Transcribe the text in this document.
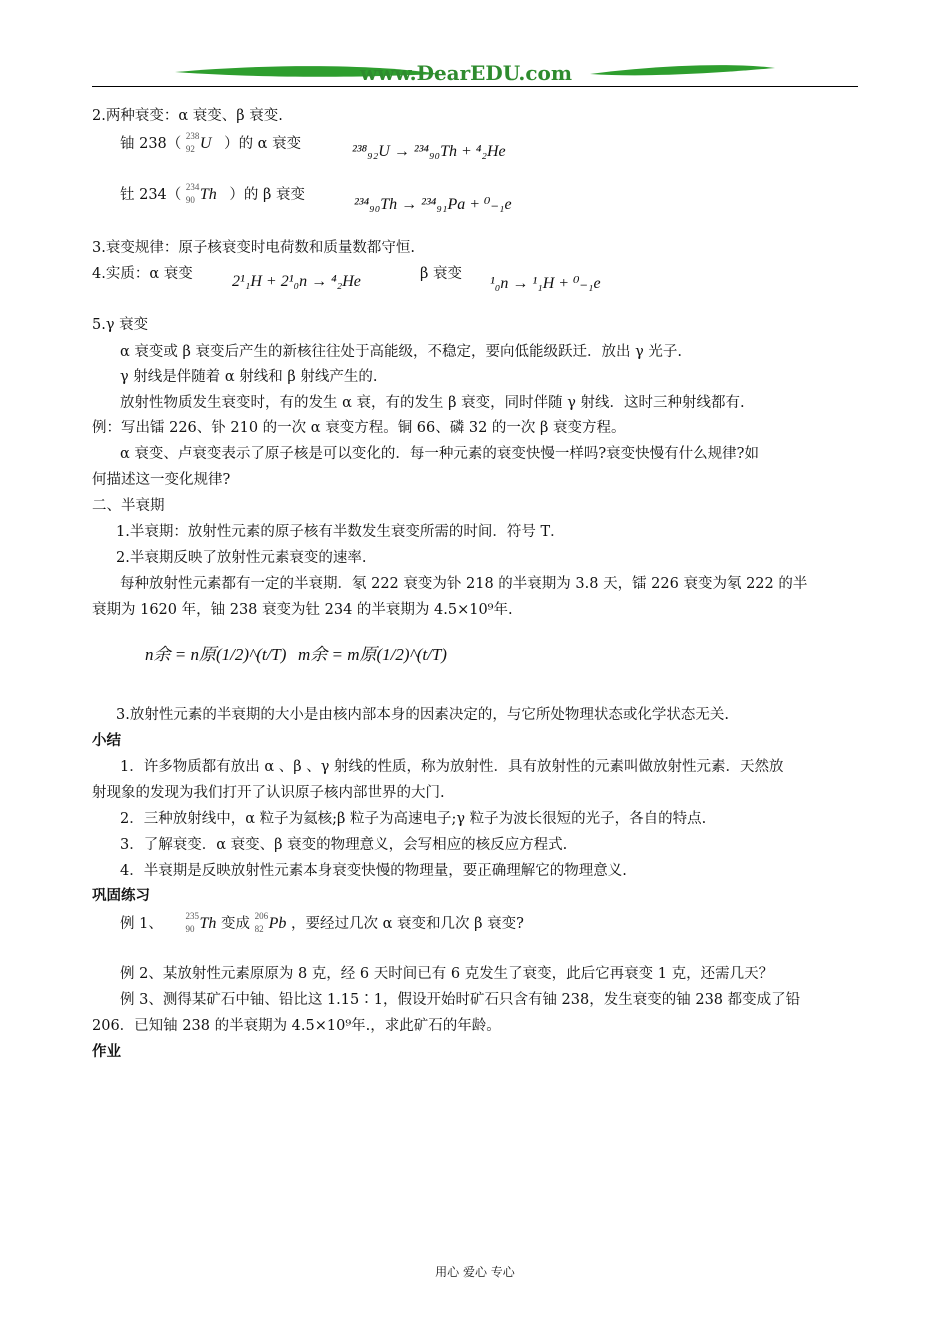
www.DearEDU.com
2.两种衰变：α 衰变、β 衰变.
铀 238（ 238
92 U ）的 α 衰变	²³⁸₉₂U → ²³⁴₉₀Th + ⁴₂He
钍 234（ 234
90 Th ）的 β 衰变
²³⁴₉₀Th → ²³⁴₉₁Pa + ⁰₋₁e
3.衰变规律：原子核衰变时电荷数和质量数都守恒.
4.实质：α 衰变 2¹₁H + 2¹₀n → ⁴₂He	β 衰变
¹₀n → ¹₁H + ⁰₋₁e
5.γ 衰变
α 衰变或 β 衰变后产生的新核往往处于高能级，不稳定，要向低能级跃迁．放出 γ 光子.
γ 射线是伴随着 α 射线和 β 射线产生的.
放射性物质发生衰变时，有的发生 α 衰，有的发生 β 衰变，同时伴随 γ 射线．这时三种射线都有.
例：写出镭 226、钋 210 的一次 α 衰变方程。铜 66、磷 32 的一次 β 衰变方程。
α 衰变、卢衰变表示了原子核是可以变化的．每一种元素的衰变快慢一样吗?衰变快慢有什么规律?如
何描述这一变化规律?
二、半衰期
1.半衰期：放射性元素的原子核有半数发生衰变所需的时间．符号 T．
2.半衰期反映了放射性元素衰变的速率.
每种放射性元素都有一定的半衰期．氡 222 衰变为钋 218 的半衰期为 3.8 天，镭 226 衰变为氡 222 的半
衰期为 1620 年，铀 238 衰变为钍 234 的半衰期为 4.5×10⁹年.
n余 = n原(1/2)^(t/T) m余 = m原(1/2)^(t/T)
3.放射性元素的半衰期的大小是由核内部本身的因素决定的，与它所处物理状态或化学状态无关.
小结
1．许多物质都有放出 α 、β 、γ 射线的性质，称为放射性．具有放射性的元素叫做放射性元素．天然放
射现象的发现为我们打开了认识原子核内部世界的大门.
2．三种放射线中，α 粒子为氦核;β 粒子为高速电子;γ 粒子为波长很短的光子，各自的特点.
3．了解衰变．α 衰变、β 衰变的物理意义，会写相应的核反应方程式.
4．半衰期是反映放射性元素本身衰变快慢的物理量，要正确理解它的物理意义.
巩固练习
例 1、	235
90 Th 变成 206
82 Pb ，要经过几次 α 衰变和几次 β 衰变?
例 2、某放射性元素原原为 8 克，经 6 天时间已有 6 克发生了衰变，此后它再衰变 1 克，还需几天？
例 3、测得某矿石中铀、铅比这 1.15∶1，假设开始时矿石只含有铀 238，发生衰变的铀 238 都变成了铅
206．已知铀 238 的半衰期为 4.5×10⁹年.，求此矿石的年龄。
作业
用心 爱心 专心
